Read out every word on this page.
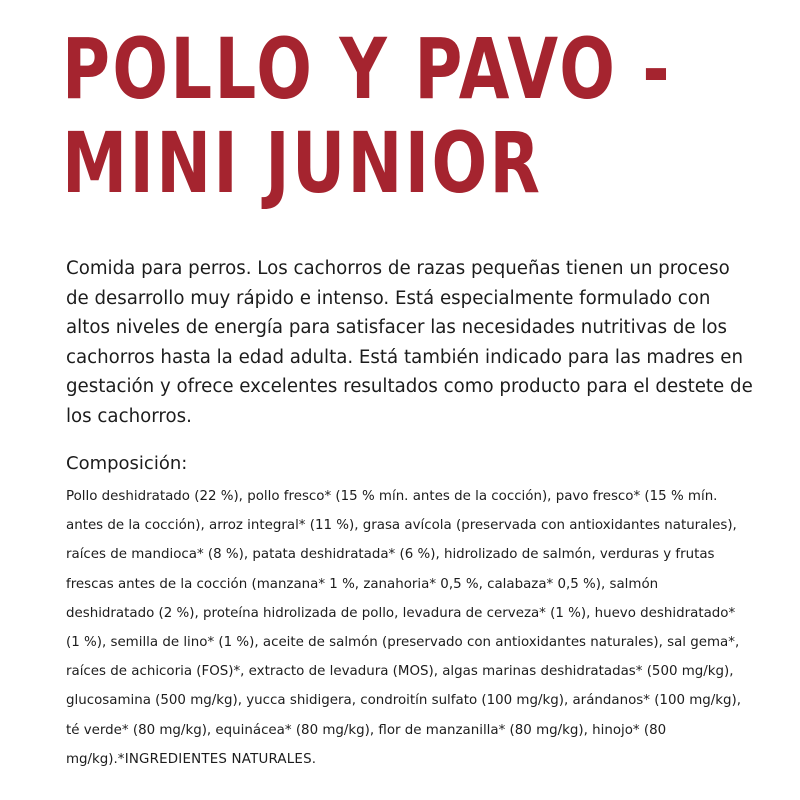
POLLO Y PAVO -
MINI JUNIOR

Comida para perros. Los cachorros de razas pequeñas tienen un proceso de desarrollo muy rápido e intenso. Está especialmente formulado con altos niveles de energía para satisfacer las necesidades nutritivas de los cachorros hasta la edad adulta. Está también indicado para las madres en gestación y ofrece excelentes resultados como producto para el destete de los cachorros.

Composición:

Pollo deshidratado (22 %), pollo fresco* (15 % mín. antes de la cocción), pavo fresco* (15 % mín. antes de la cocción), arroz integral* (11 %), grasa avícola (preservada con antioxidantes naturales), raíces de mandioca* (8 %), patata deshidratada* (6 %), hidrolizado de salmón, verduras y frutas frescas antes de la cocción (manzana* 1 %, zanahoria* 0,5 %, calabaza* 0,5 %), salmón deshidratado (2 %), proteína hidrolizada de pollo, levadura de cerveza* (1 %), huevo deshidratado* (1 %), semilla de lino* (1 %), aceite de salmón (preservado con antioxidantes naturales), sal gema*, raíces de achicoria (FOS)*, extracto de levadura (MOS), algas marinas deshidratadas* (500 mg/kg), glucosamina (500 mg/kg), yucca shidigera, condroitín sulfato (100 mg/kg), arándanos* (100 mg/kg), té verde* (80 mg/kg), equinácea* (80 mg/kg), flor de manzanilla* (80 mg/kg), hinojo* (80 mg/kg).*INGREDIENTES NATURALES.
